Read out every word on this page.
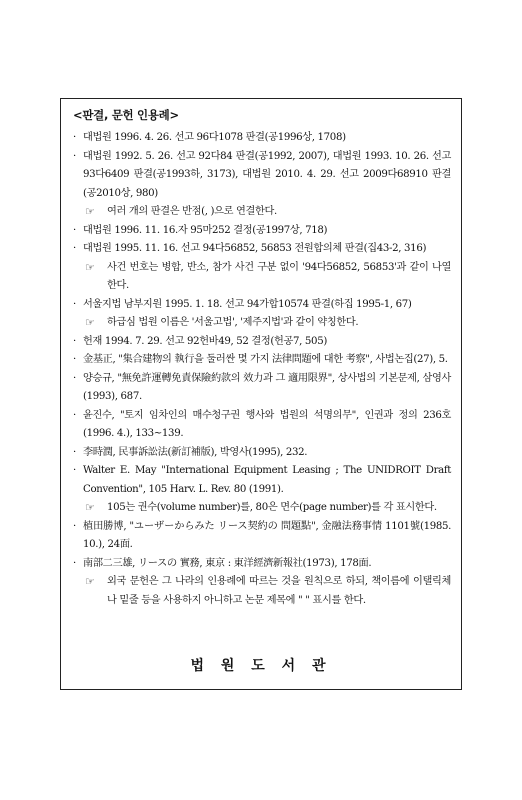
<판결, 문헌 인용례>
· 대법원 1996. 4. 26. 선고 96다1078 판결(공1996상, 1708)
· 대법원 1992. 5. 26. 선고 92다84 판결(공1992, 2007), 대법원 1993. 10. 26. 선고 93다6409 판결(공1993하, 3173), 대법원 2010. 4. 29. 선고 2009다68910 판결(공2010상, 980)
☞ 여러 개의 판결은 반점(, )으로 연결한다.
· 대법원 1996. 11. 16.자 95마252 결정(공1997상, 718)
· 대법원 1995. 11. 16. 선고 94다56852, 56853 전원합의체 판결(집43-2, 316)
☞ 사건 번호는 병합, 반소, 참가 사건 구분 없이 '94다56852, 56853'과 같이 나열한다.
· 서울지법 남부지원 1995. 1. 18. 선고 94가합10574 판결(하집 1995-1, 67)
☞ 하급심 법원 이름은 '서울고법', '제주지법'과 같이 약칭한다.
· 헌재 1994. 7. 29. 선고 92헌바49, 52 결정(헌공7, 505)
· 金基正, "集合建物의 執行을 둘러싼 몇 가지 法律問題에 대한 考察", 사법논집(27), 5.
· 양승규, "無免許運轉免責保險約款의 效力과 그 適用限界", 상사법의 기본문제, 삼영사(1993), 687.
· 윤진수, "토지 임차인의 매수청구권 행사와 법원의 석명의무", 인권과 정의 236호(1996. 4.), 133~139.
· 李時潤, 民事訴訟法(新訂補版), 박영사(1995), 232.
· Walter E. May "International Equipment Leasing ; The UNIDROIT Draft Convention", 105 Harv. L. Rev. 80 (1991).
☞ 105는 권수(volume number)를, 80은 면수(page number)를 각 표시한다.
· 植田勝博, "ユーザーからみた リース契約の 問題點", 金融法務事情 1101號(1985. 10.), 24面.
· 南部二三雄, リースの 實務, 東京 : 東洋經濟新報社(1973), 178面.
☞ 외국 문헌은 그 나라의 인용례에 따르는 것을 원칙으로 하되, 책이름에 이탤릭체나 밑줄 등을 사용하지 아니하고 논문 제목에 " " 표시를 한다.
법 원 도 서 관
